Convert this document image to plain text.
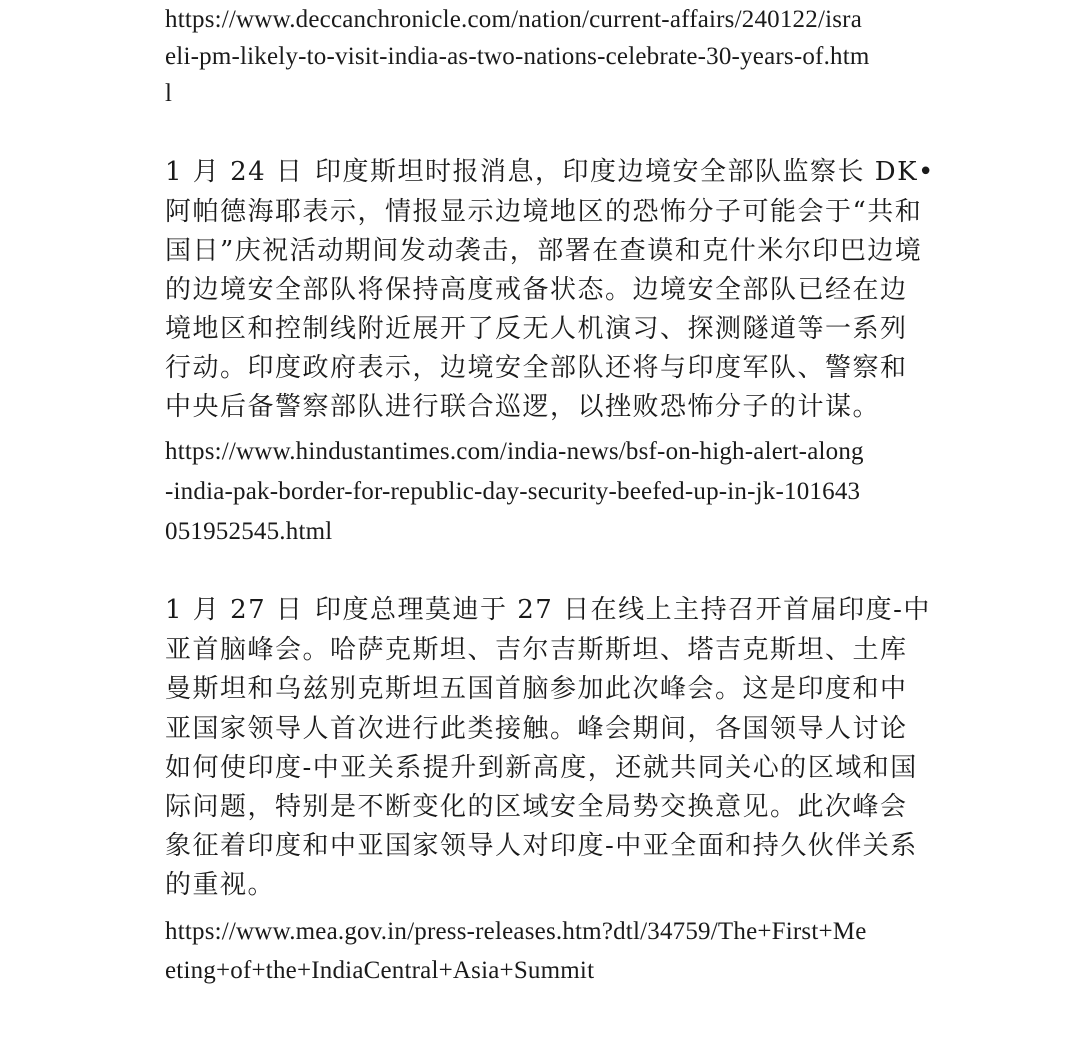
https://www.deccanchronicle.com/nation/current-affairs/240122/isra
eli-pm-likely-to-visit-india-as-two-nations-celebrate-30-years-of.htm
l
1 月 24 日 印度斯坦时报消息，印度边境安全部队监察长 DK•
阿帕德海耶表示，情报显示边境地区的恐怖分子可能会于“共和
国日”庆祝活动期间发动袭击，部署在查谟和克什米尔印巴边境
的边境安全部队将保持高度戒备状态。边境安全部队已经在边
境地区和控制线附近展开了反无人机演习、探测隧道等一系列
行动。印度政府表示，边境安全部队还将与印度军队、警察和
中央后备警察部队进行联合巡逻，以挫败恐怖分子的计谋。
https://www.hindustantimes.com/india-news/bsf-on-high-alert-along
-india-pak-border-for-republic-day-security-beefed-up-in-jk-101643
051952545.html
1 月 27 日 印度总理莫迪于 27 日在线上主持召开首届印度-中
亚首脑峰会。哈萨克斯坦、吉尔吉斯斯坦、塔吉克斯坦、土库
曼斯坦和乌兹别克斯坦五国首脑参加此次峰会。这是印度和中
亚国家领导人首次进行此类接触。峰会期间，各国领导人讨论
如何使印度-中亚关系提升到新高度，还就共同关心的区域和国
际问题，特别是不断变化的区域安全局势交换意见。此次峰会
象征着印度和中亚国家领导人对印度-中亚全面和持久伙伴关系
的重视。
https://www.mea.gov.in/press-releases.htm?dtl/34759/The+First+Me
eting+of+the+IndiaCentral+Asia+Summit
